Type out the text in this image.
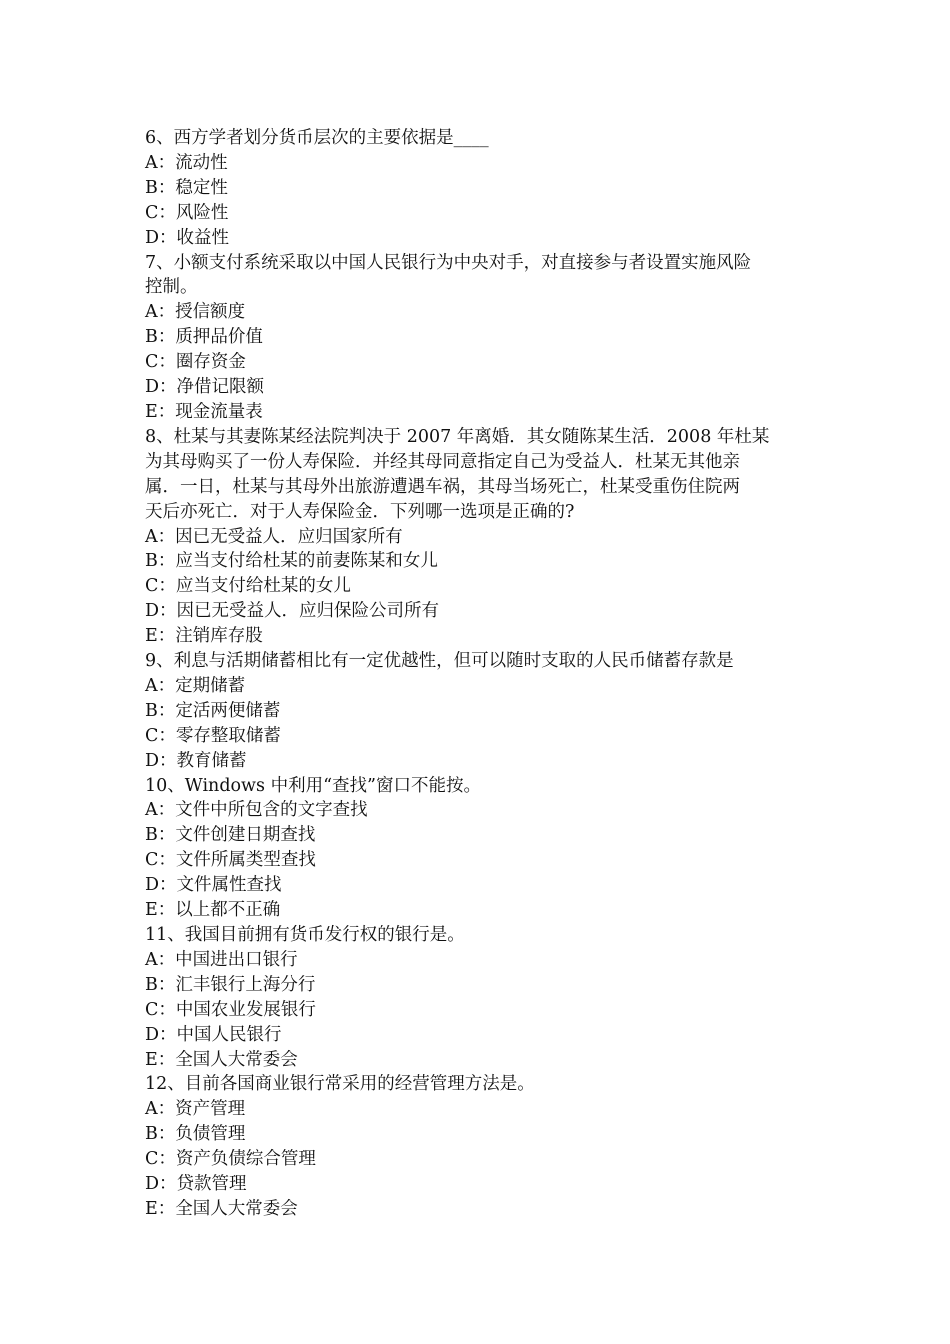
6、西方学者划分货币层次的主要依据是____
A：流动性
B：稳定性
C：风险性
D：收益性
7、小额支付系统采取以中国人民银行为中央对手，对直接参与者设置实施风险
控制。
A：授信额度
B：质押品价值
C：圈存资金
D：净借记限额
E：现金流量表
8、杜某与其妻陈某经法院判决于 2007 年离婚．其女随陈某生活．2008 年杜某
为其母购买了一份人寿保险．并经其母同意指定自己为受益人．杜某无其他亲
属．一日，杜某与其母外出旅游遭遇车祸，其母当场死亡，杜某受重伤住院两
天后亦死亡．对于人寿保险金．下列哪一选项是正确的?
A：因已无受益人．应归国家所有
B：应当支付给杜某的前妻陈某和女儿
C：应当支付给杜某的女儿
D：因已无受益人．应归保险公司所有
E：注销库存股
9、利息与活期储蓄相比有一定优越性，但可以随时支取的人民币储蓄存款是
A：定期储蓄
B：定活两便储蓄
C：零存整取储蓄
D：教育储蓄
10、Windows 中利用“查找”窗口不能按。
A：文件中所包含的文字查找
B：文件创建日期查找
C：文件所属类型查找
D：文件属性查找
E：以上都不正确
11、我国目前拥有货币发行权的银行是。
A：中国进出口银行
B：汇丰银行上海分行
C：中国农业发展银行
D：中国人民银行
E：全国人大常委会
12、目前各国商业银行常采用的经营管理方法是。
A：资产管理
B：负债管理
C：资产负债综合管理
D：贷款管理
E：全国人大常委会
